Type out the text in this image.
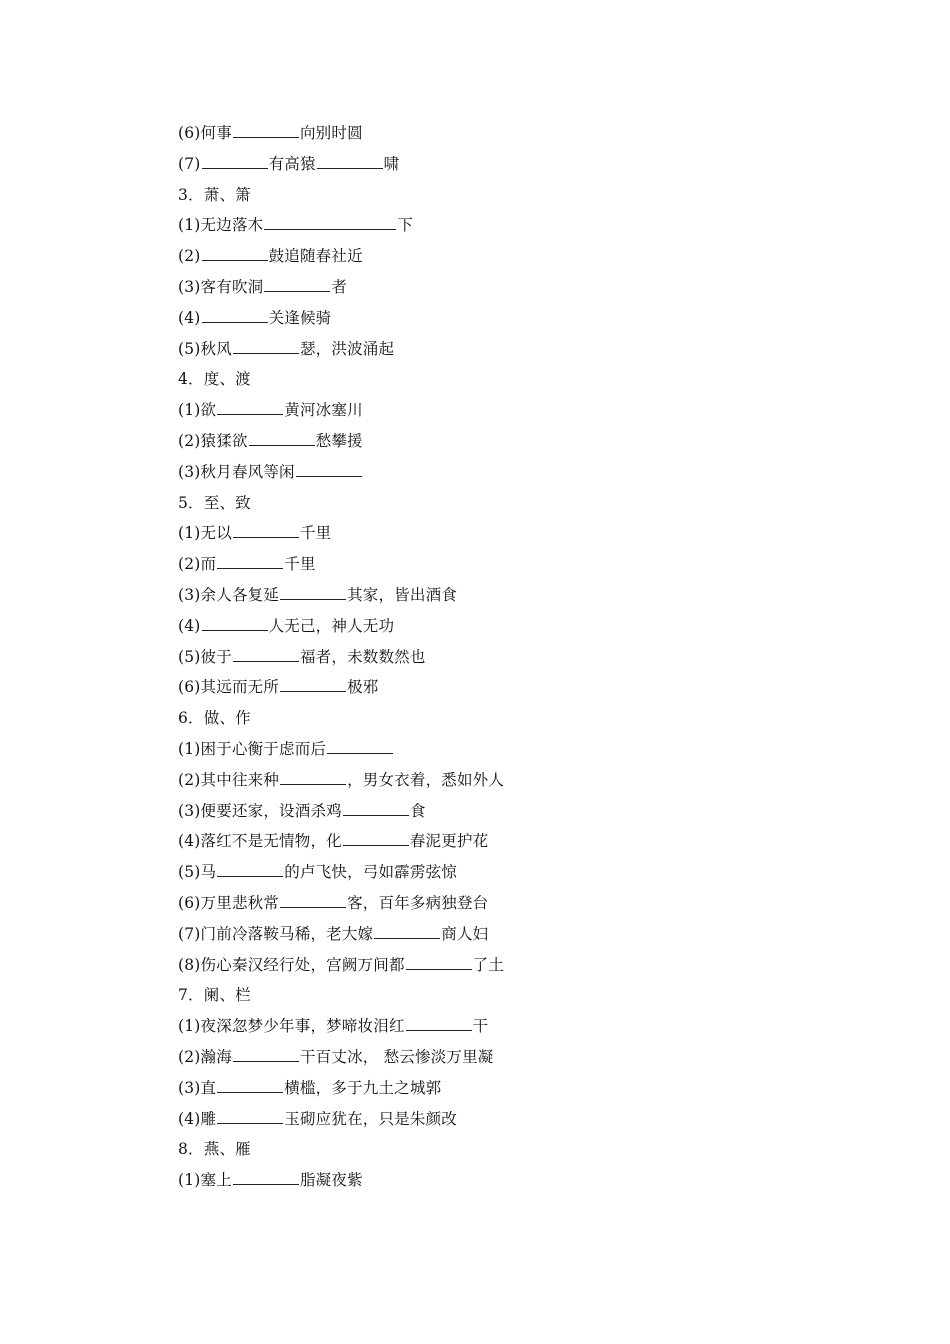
(6)何事	向别时圆
(7)	有高猿	啸
3．萧、箫
(1)无边落木	下
(2)	鼓追随春社近
(3)客有吹洞	者
(4)	关逢候骑
(5)秋风	瑟，洪波涌起
4．度、渡
(1)欲	黄河冰塞川
(2)猿猱欲	愁攀援
(3)秋月春风等闲
5．至、致
(1)无以	千里
(2)而	千里
(3)余人各复延	其家，皆出酒食
(4)	人无己，神人无功
(5)彼于	福者，未数数然也
(6)其远而无所	极邪
6．做、作
(1)困于心衡于虑而后
(2)其中往来种	，男女衣着，悉如外人
(3)便要还家，设酒杀鸡	食
(4)落红不是无情物，化	春泥更护花
(5)马	的卢飞快，弓如霹雳弦惊
(6)万里悲秋常	客，百年多病独登台
(7)门前冷落鞍马稀，老大嫁	商人妇
(8)伤心秦汉经行处，宫阙万间都	了土
7．阑、栏
(1)夜深忽梦少年事，梦啼妆泪红	干
(2)瀚海	干百丈冰， 愁云惨淡万里凝
(3)直	横槛，多于九土之城郭
(4)雕	玉砌应犹在，只是朱颜改
8．燕、雁
(1)塞上	脂凝夜紫
